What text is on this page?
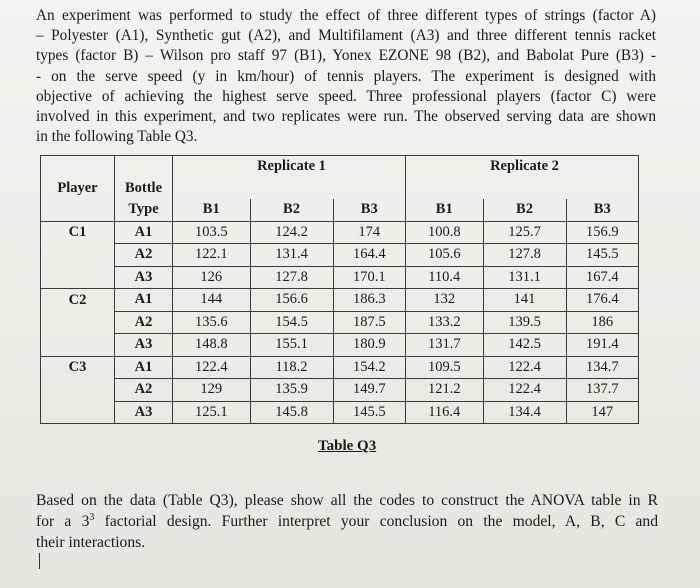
An experiment was performed to study the effect of three different types of strings (factor A)
– Polyester (A1), Synthetic gut (A2), and Multifilament (A3) and three different tennis racket
types (factor B) – Wilson pro staff 97 (B1), Yonex EZONE 98 (B2), and Babolat Pure (B3) -
- on the serve speed (y in km/hour) of tennis players. The experiment is designed with
objective of achieving the highest serve speed. Three professional players (factor C) were
involved in this experiment, and two replicates were run. The observed serving data are shown
in the following Table Q3.

			Replicate 1			Replicate 2	
Player	Bottle						
	Type	B1	B2	B3	B1	B2	B3
C1	A1	103.5	124.2	174	100.8	125.7	156.9
	A2	122.1	131.4	164.4	105.6	127.8	145.5
	A3	126	127.8	170.1	110.4	131.1	167.4
C2	A1	144	156.6	186.3	132	141	176.4
	A2	135.6	154.5	187.5	133.2	139.5	186
	A3	148.8	155.1	180.9	131.7	142.5	191.4
C3	A1	122.4	118.2	154.2	109.5	122.4	134.7
	A2	129	135.9	149.7	121.2	122.4	137.7
	A3	125.1	145.8	145.5	116.4	134.4	147
Table Q3

Based on the data (Table Q3), please show all the codes to construct the ANOVA table in R
for a $3^3$ factorial design. Further interpret your conclusion on the model, A, B, C and
their interactions.
